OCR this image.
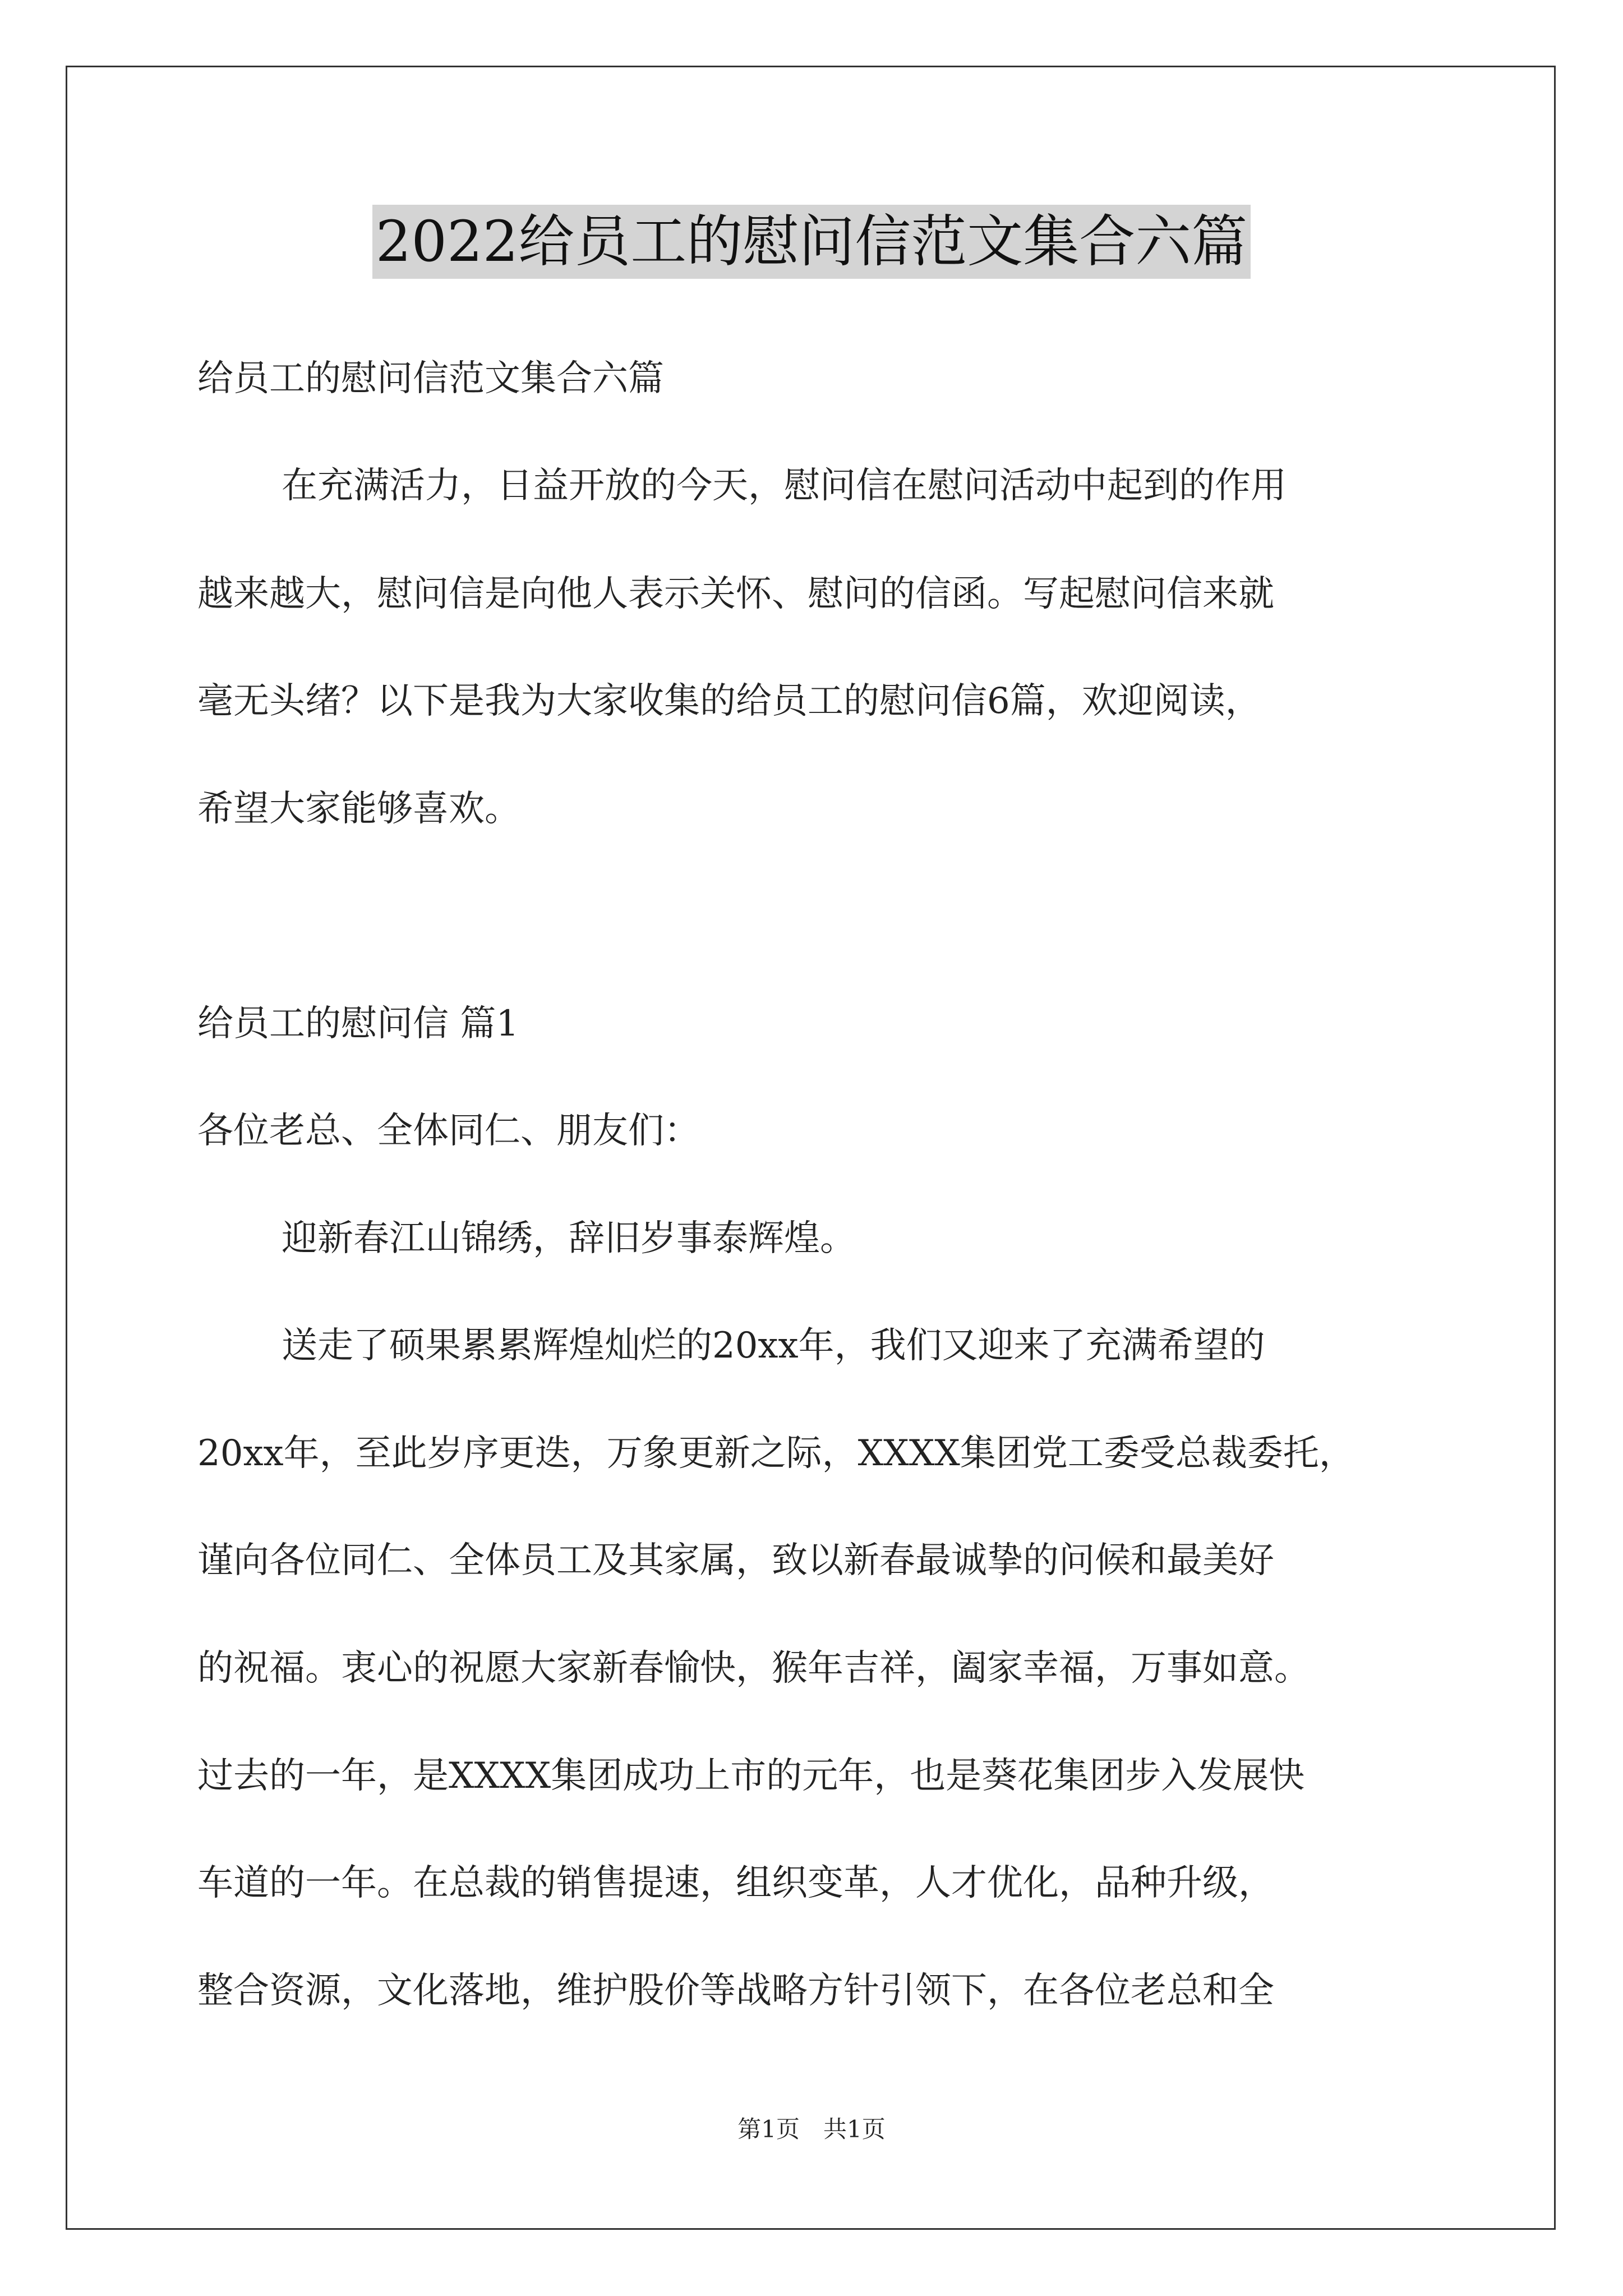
2022给员工的慰问信范文集合六篇
给员工的慰问信范文集合六篇
在充满活力，日益开放的今天，慰问信在慰问活动中起到的作用
越来越大，慰问信是向他人表示关怀、慰问的信函。写起慰问信来就
毫无头绪？以下是我为大家收集的给员工的慰问信6篇，欢迎阅读，
希望大家能够喜欢。
给员工的慰问信 篇1
各位老总、全体同仁、朋友们：
迎新春江山锦绣，辞旧岁事泰辉煌。
送走了硕果累累辉煌灿烂的20xx年，我们又迎来了充满希望的
20xx年，至此岁序更迭，万象更新之际，XXXX集团党工委受总裁委托，
谨向各位同仁、全体员工及其家属，致以新春最诚挚的问候和最美好
的祝福。衷心的祝愿大家新春愉快，猴年吉祥，阖家幸福，万事如意。
过去的一年，是XXXX集团成功上市的元年，也是葵花集团步入发展快
车道的一年。在总裁的销售提速，组织变革，人才优化，品种升级，
整合资源，文化落地，维护股价等战略方针引领下，在各位老总和全
第1页　共1页
